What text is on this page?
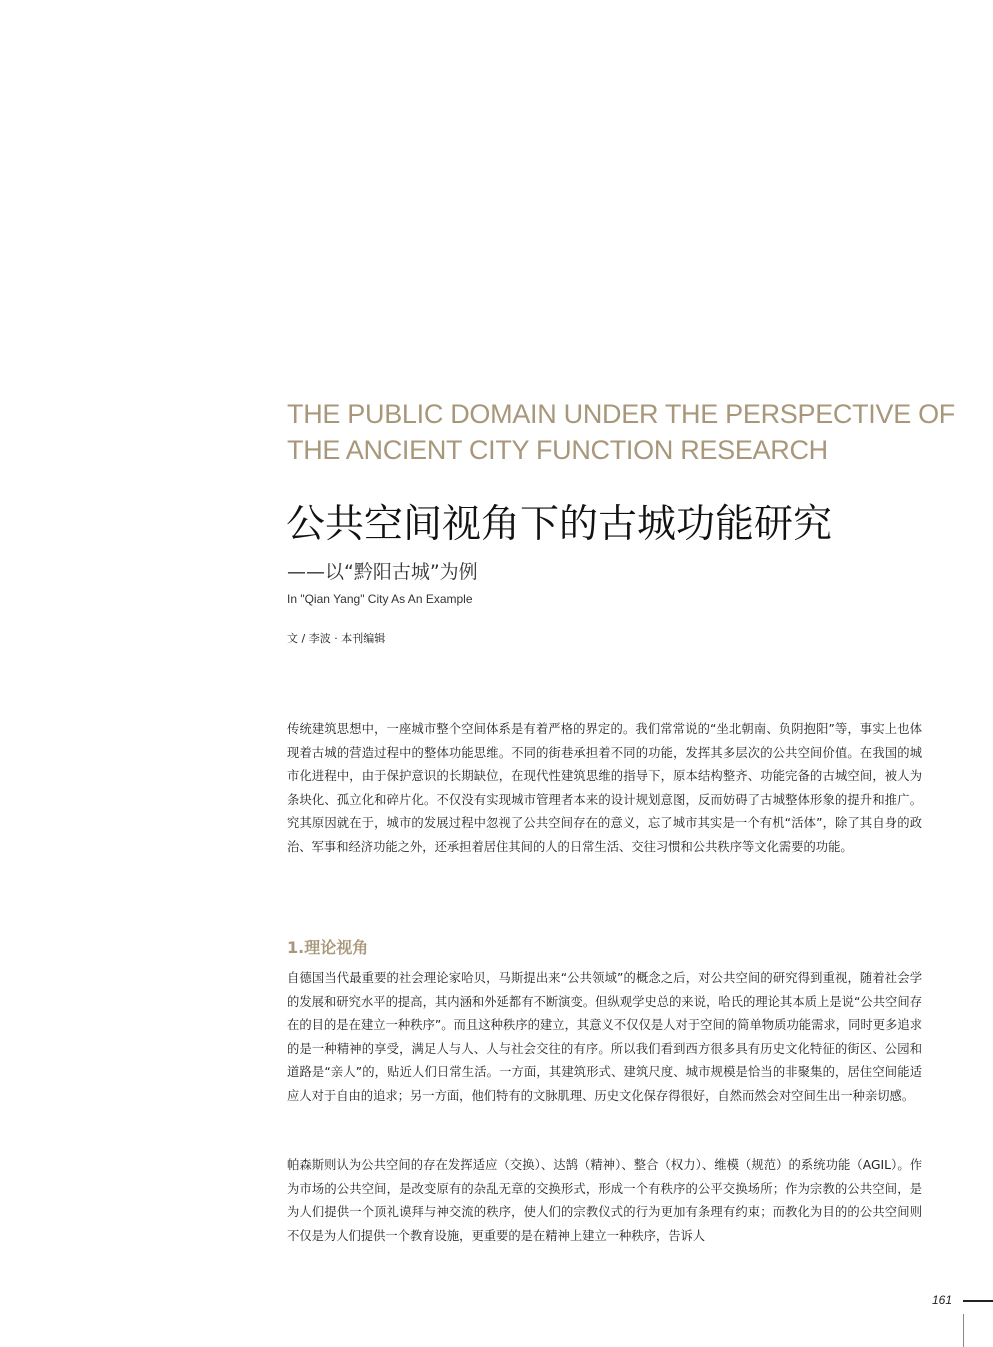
THE PUBLIC DOMAIN UNDER THE PERSPECTIVE OF
THE ANCIENT CITY FUNCTION RESEARCH
公共空间视角下的古城功能研究
——以“黔阳古城”为例
In "Qian Yang" City As An Example
文 / 李波 · 本刊编辑

传统建筑思想中，一座城市整个空间体系是有着严格的界定的。我们常常说的“坐北朝南、负阴抱阳”等，事实上也体现着古城的营造过程中的整体功能思维。不同的街巷承担着不同的功能，发挥其多层次的公共空间价值。在我国的城市化进程中，由于保护意识的长期缺位，在现代性建筑思维的指导下，原本结构整齐、功能完备的古城空间，被人为条块化、孤立化和碎片化。不仅没有实现城市管理者本来的设计规划意图，反而妨碍了古城整体形象的提升和推广。究其原因就在于，城市的发展过程中忽视了公共空间存在的意义，忘了城市其实是一个有机“活体”，除了其自身的政治、军事和经济功能之外，还承担着居住其间的人的日常生活、交往习惯和公共秩序等文化需要的功能。

1.理论视角

自德国当代最重要的社会理论家哈贝，马斯提出来“公共领域”的概念之后，对公共空间的研究得到重视，随着社会学的发展和研究水平的提高，其内涵和外延都有不断演变。但纵观学史总的来说，哈氏的理论其本质上是说“公共空间存在的目的是在建立一种秩序”。而且这种秩序的建立，其意义不仅仅是人对于空间的简单物质功能需求，同时更多追求的是一种精神的享受，满足人与人、人与社会交往的有序。所以我们看到西方很多具有历史文化特征的街区、公园和道路是“亲人”的，贴近人们日常生活。一方面，其建筑形式、建筑尺度、城市规模是恰当的非聚集的，居住空间能适应人对于自由的追求；另一方面，他们特有的文脉肌理、历史文化保存得很好，自然而然会对空间生出一种亲切感。

帕森斯则认为公共空间的存在发挥适应（交换）、达鹄（精神）、整合（权力）、维模（规范）的系统功能（AGIL）。作为市场的公共空间，是改变原有的杂乱无章的交换形式，形成一个有秩序的公平交换场所；作为宗教的公共空间，是为人们提供一个顶礼谟拜与神交流的秩序，使人们的宗教仪式的行为更加有条理有约束；而教化为目的的公共空间则不仅是为人们提供一个教育设施，更重要的是在精神上建立一种秩序，告诉人

161
